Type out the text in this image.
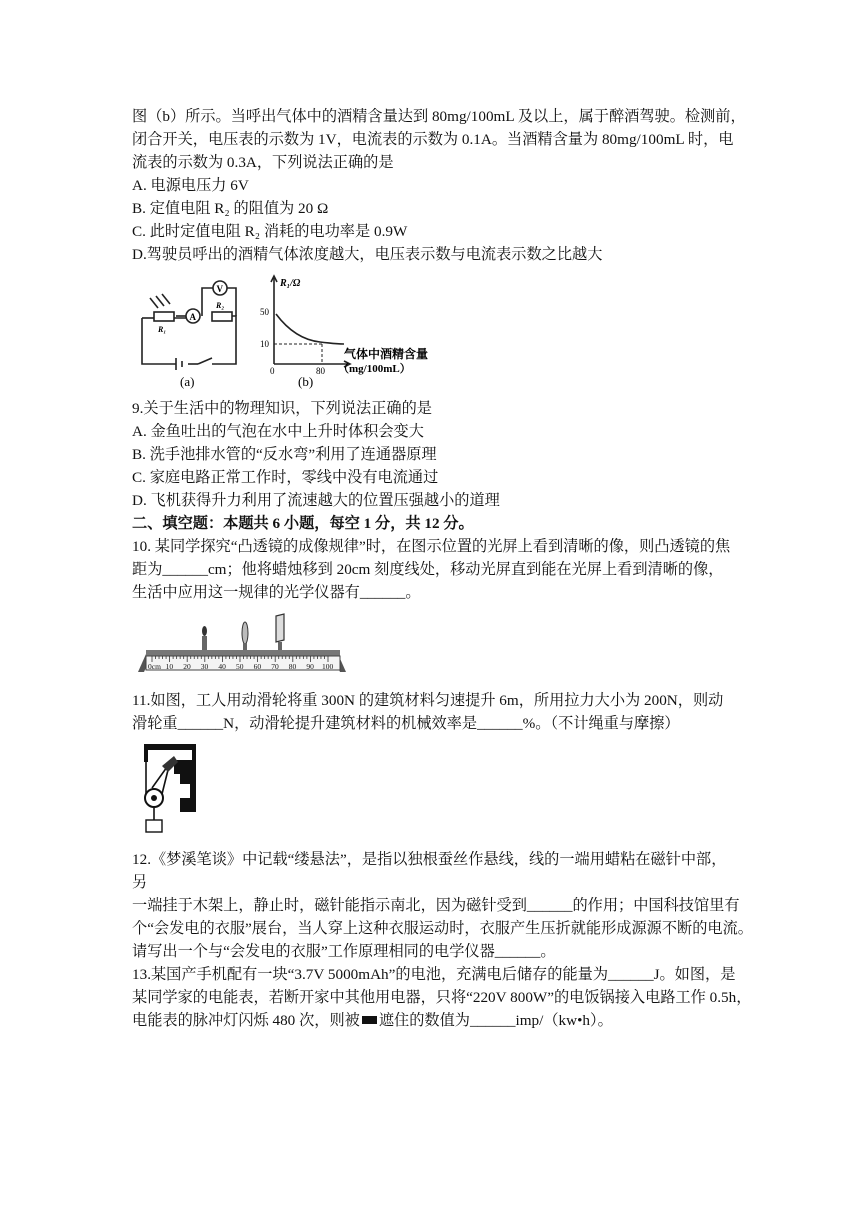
图（b）所示。当呼出气体中的酒精含量达到 80mg/100mL 及以上，属于醉酒驾驶。检测前，
闭合开关，电压表的示数为 1V，电流表的示数为 0.1A。当酒精含量为 80mg/100mL 时，电
流表的示数为 0.3A，下列说法正确的是
A. 电源电压力 6V
B. 定值电阻 R₂ 的阻值为 20 Ω
C. 此时定值电阻 R₂ 消耗的电功率是 0.9W
D.驾驶员呼出的酒精气体浓度越大，电压表示数与电流表示数之比越大
A
V
R₁
R₂
(a)
R₁/Ω
50
10
0	80
气体中酒精含量
（mg/100mL）
(b)
9.关于生活中的物理知识，下列说法正确的是
A. 金鱼吐出的气泡在水中上升时体积会变大
B. 洗手池排水管的“反水弯”利用了连通器原理
C. 家庭电路正常工作时，零线中没有电流通过
D. 飞机获得升力利用了流速越大的位置压强越小的道理
二、填空题：本题共 6 小题，每空 1 分，共 12 分。
10. 某同学探究“凸透镜的成像规律”时，在图示位置的光屏上看到清晰的像，则凸透镜的焦
距为______cm；他将蜡烛移到 20cm 刻度线处，移动光屏直到能在光屏上看到清晰的像，
生活中应用这一规律的光学仪器有______。
0cm 10 20 30 40 50 60 70 80 90 100
11.如图，工人用动滑轮将重 300N 的建筑材料匀速提升 6m，所用拉力大小为 200N，则动
滑轮重______N，动滑轮提升建筑材料的机械效率是______%。（不计绳重与摩擦）
12.《梦溪笔谈》中记载“缕悬法”，是指以独根蚕丝作悬线，线的一端用蜡粘在磁针中部，
另
一端挂于木架上，静止时，磁针能指示南北，因为磁针受到______的作用；中国科技馆里有
个“会发电的衣服”展台，当人穿上这种衣服运动时，衣服产生压折就能形成源源不断的电流。
请写出一个与“会发电的衣服”工作原理相同的电学仪器______。
13.某国产手机配有一块“3.7V 5000mAh”的电池，充满电后储存的能量为______J。如图，是
某同学家的电能表，若断开家中其他用电器，只将“220V 800W”的电饭锅接入电路工作 0.5h，
电能表的脉冲灯闪烁 480 次，则被 遮住的数值为______imp/（kw•h）。
